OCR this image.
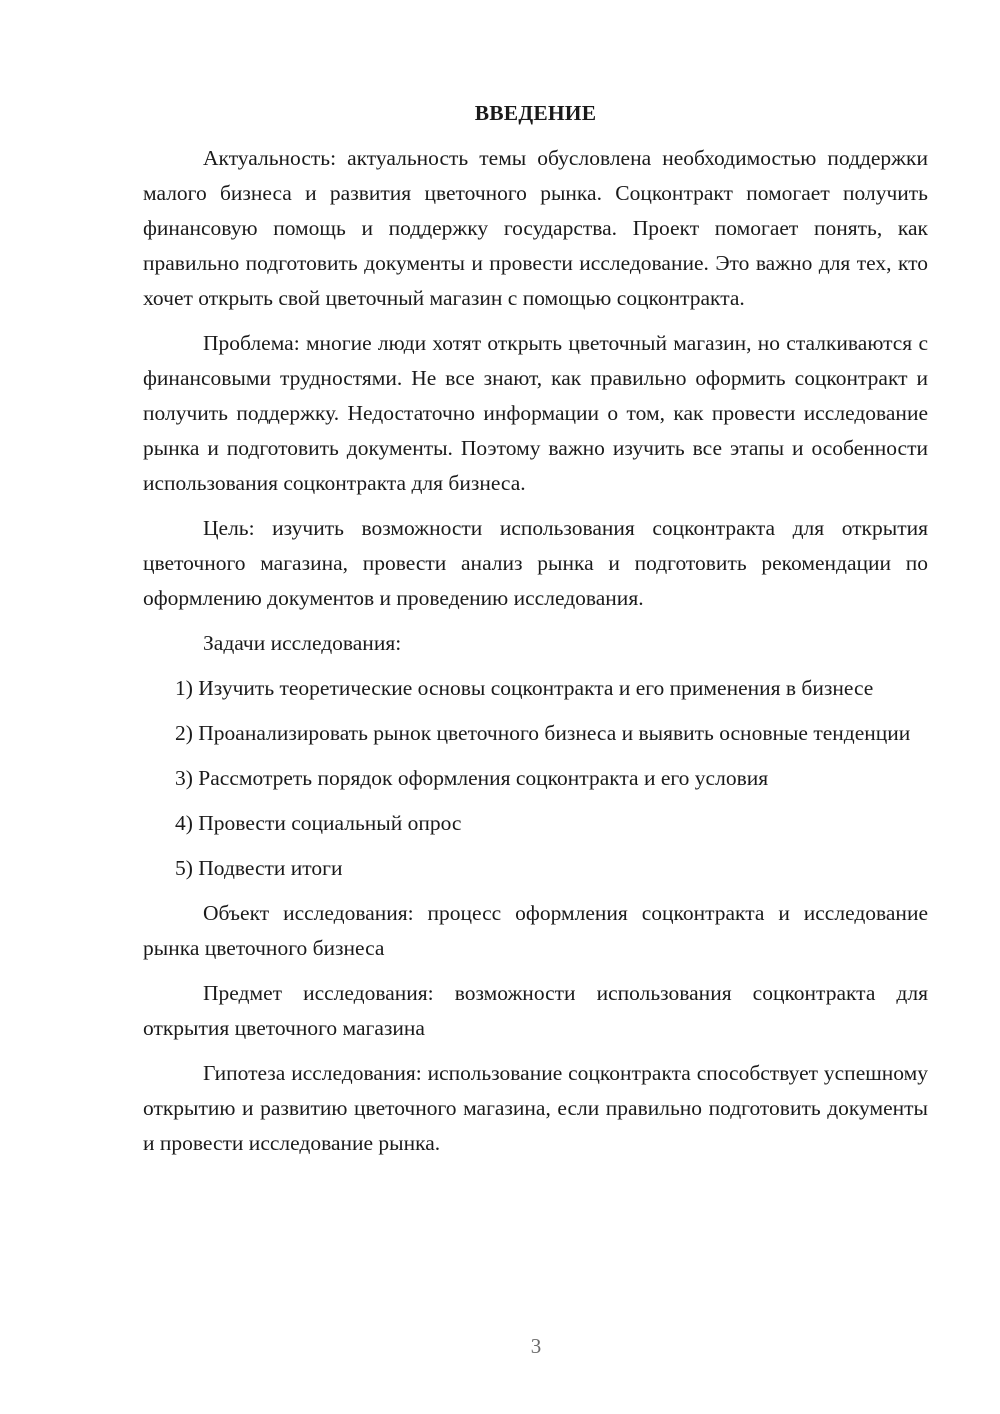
ВВЕДЕНИЕ

Актуальность: актуальность темы обусловлена необходимостью поддержки малого бизнеса и развития цветочного рынка. Соцконтракт помогает получить финансовую помощь и поддержку государства. Проект помогает понять, как правильно подготовить документы и провести исследование. Это важно для тех, кто хочет открыть свой цветочный магазин с помощью соцконтракта.

Проблема: многие люди хотят открыть цветочный магазин, но сталкиваются с финансовыми трудностями. Не все знают, как правильно оформить соцконтракт и получить поддержку. Недостаточно информации о том, как провести исследование рынка и подготовить документы. Поэтому важно изучить все этапы и особенности использования соцконтракта для бизнеса.

Цель: изучить возможности использования соцконтракта для открытия цветочного магазина, провести анализ рынка и подготовить рекомендации по оформлению документов и проведению исследования.

Задачи исследования:

1) Изучить теоретические основы соцконтракта и его применения в бизнесе

2) Проанализировать рынок цветочного бизнеса и выявить основные тенденции

3) Рассмотреть порядок оформления соцконтракта и его условия

4) Провести социальный опрос

5) Подвести итоги

Объект исследования: процесс оформления соцконтракта и исследование рынка цветочного бизнеса

Предмет исследования: возможности использования соцконтракта для открытия цветочного магазина

Гипотеза исследования: использование соцконтракта способствует успешному открытию и развитию цветочного магазина, если правильно подготовить документы и провести исследование рынка.

3
